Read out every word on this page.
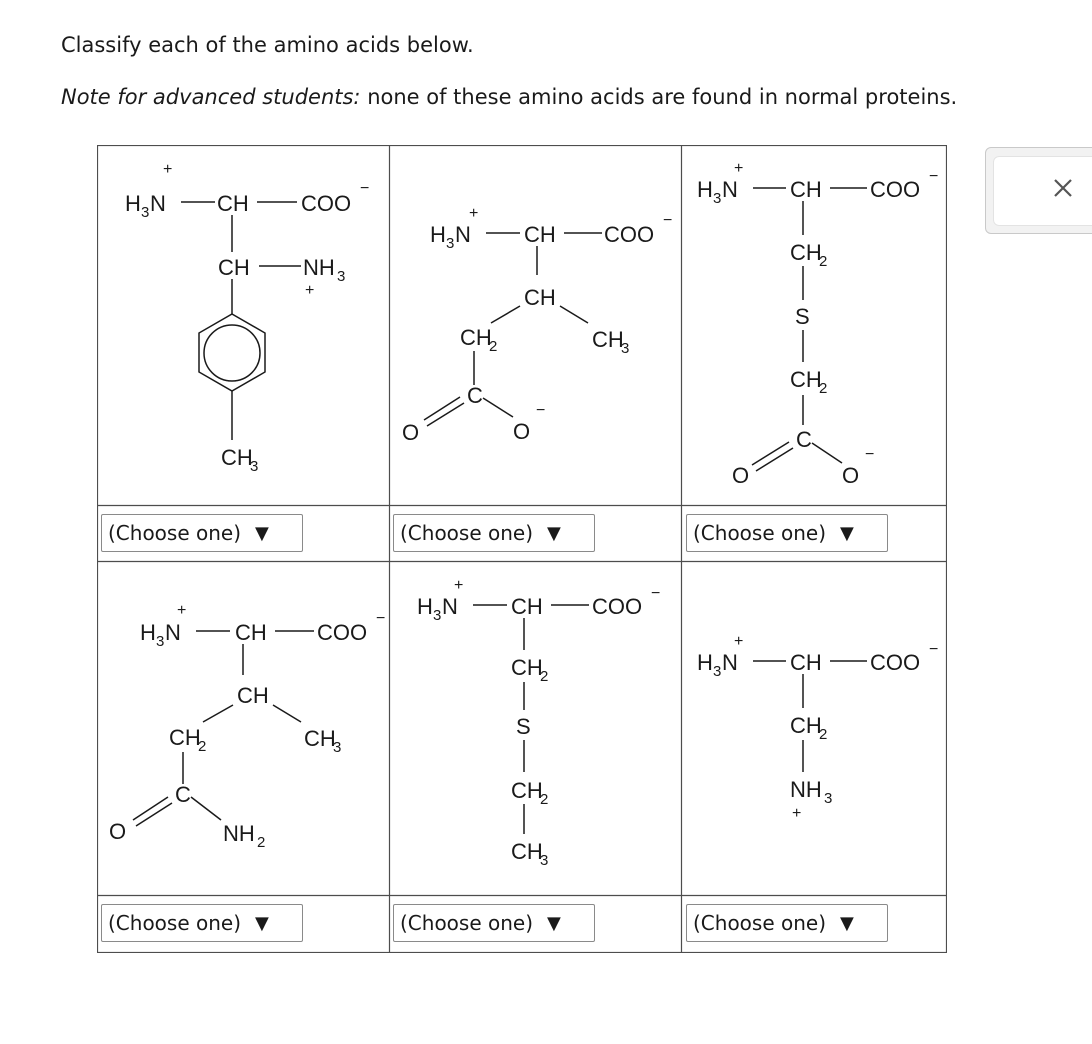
Classify each of the amino acids below.
Note for advanced students: none of these amino acids are found in normal proteins.
+
H 3 N CH COO
−
CH NH 3
+
CH
3
+
H 3 N CH COO
−
CH
CH
2	CH
3
C
O	O
−
+
H 3 N CH COO
−
CH
2
S
CH
2
C
O	O
−
+
H 3 N CH COO
−
CH
CH
2	CH
3
C
O	NH 2
+
H 3 N CH COO
−
CH
2
S
CH
2
CH
3
+
H 3 N CH COO
−
CH
2
NH 3
+
(Choose one) ▼	(Choose one) ▼	(Choose one) ▼
(Choose one) ▼	(Choose one) ▼	(Choose one) ▼
